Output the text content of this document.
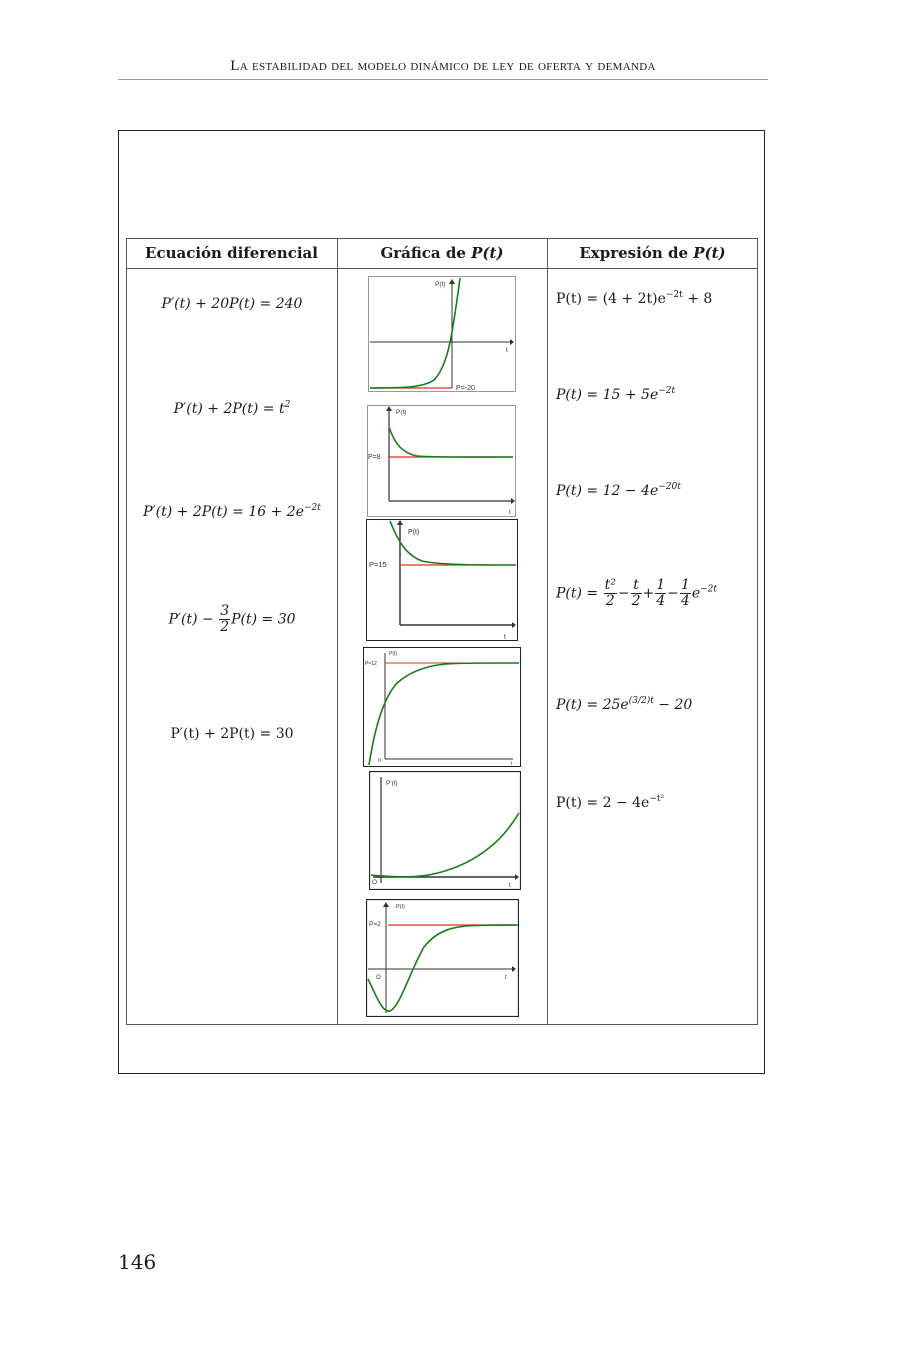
La estabilidad del modelo dinámico de ley de oferta y demanda
Ecuación diferencial	Gráfica de P(t)	Expresión de P(t)
P′(t) + 20P(t) = 240
$P'(t) + 2P(t) = t^2$
$P'(t) + 2P(t) = 16 + 2e^{-2t}$
$P'(t) - \frac{3}{2} P(t) = 30$
P′(t) + 2P(t) = 30
$P(t) = (4 + 2t)e^{-2t} + 8$
$P(t) = 15 + 5e^{-2t}$
$P(t) = 12 - 4e^{-20t}$
$P(t) = \frac{\text{t²}}{2} - \frac{t}{2} + \frac{1}{4} - \frac{1}{4} e^{-2t}$
$P(t) = 25e^{(3/2)t} - 20$
$P(t) = 2 - 4e^{-t^2}$
P(t)
t
P=-20
P(t)
t
P=8
P(t)
t
P=15
P(t)
t
P=12
0
P'(t)
t
O
P(t)
t
P=2
O
146
